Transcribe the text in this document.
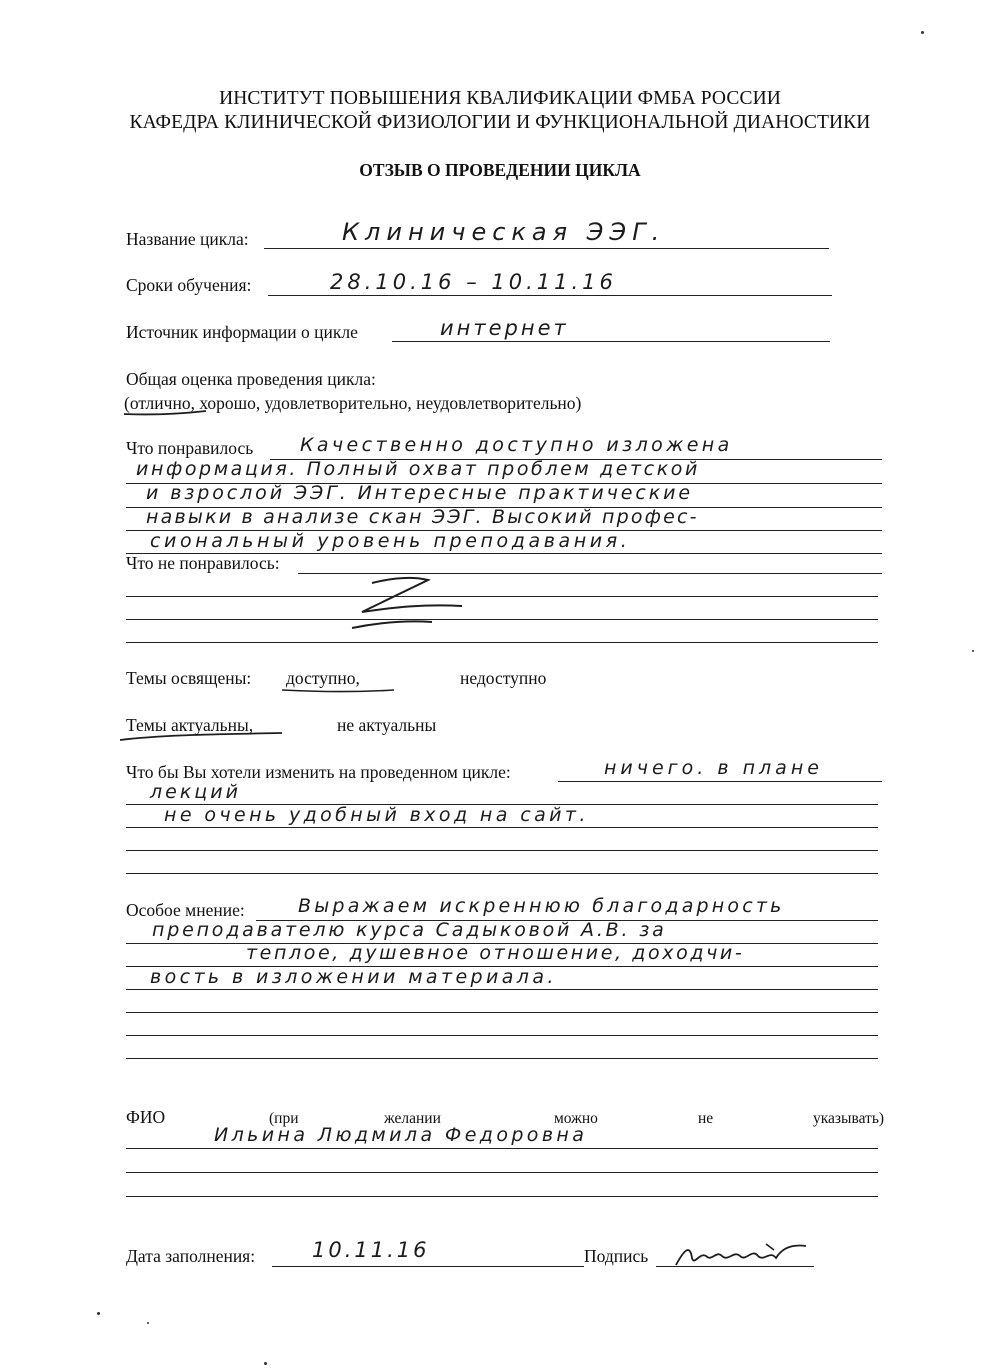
ИНСТИТУТ ПОВЫШЕНИЯ КВАЛИФИКАЦИИ ФМБА РОССИИ
КАФЕДРА КЛИНИЧЕСКОЙ ФИЗИОЛОГИИ И ФУНКЦИОНАЛЬНОЙ ДИАНОСТИКИ
ОТЗЫВ О ПРОВЕДЕНИИ ЦИКЛА
Название цикла:	Клиническая ЭЭГ.
Сроки обучения:	28.10.16 – 10.11.16
Источник информации о цикле	интернет
Общая оценка проведения цикла:
(отлично, хорошо, удовлетворительно, неудовлетворительно)
Что понравилось Качественно доступно изложена
информация. Полный охват проблем детской
и взрослой ЭЭГ. Интересные практические
навыки в анализе скан ЭЭГ. Высокий профес-
сиональный уровень преподавания.
Что не понравилось:
Темы освящены: доступно,	недоступно
Темы актуальны,	не актуальны
Что бы Вы хотели изменить на проведенном цикле:	ничего. в плане
лекций
не очень удобный вход на сайт.
Особое мнение:	Выражаем искреннюю благодарность
преподавателю курса Садыковой А.В. за
теплое, душевное отношение, доходчи-
вость в изложении материала.
ФИО	(при	желании	можно	не	указывать)
Ильина Людмила Федоровна
Дата заполнения:	10.11.16	Подпись
